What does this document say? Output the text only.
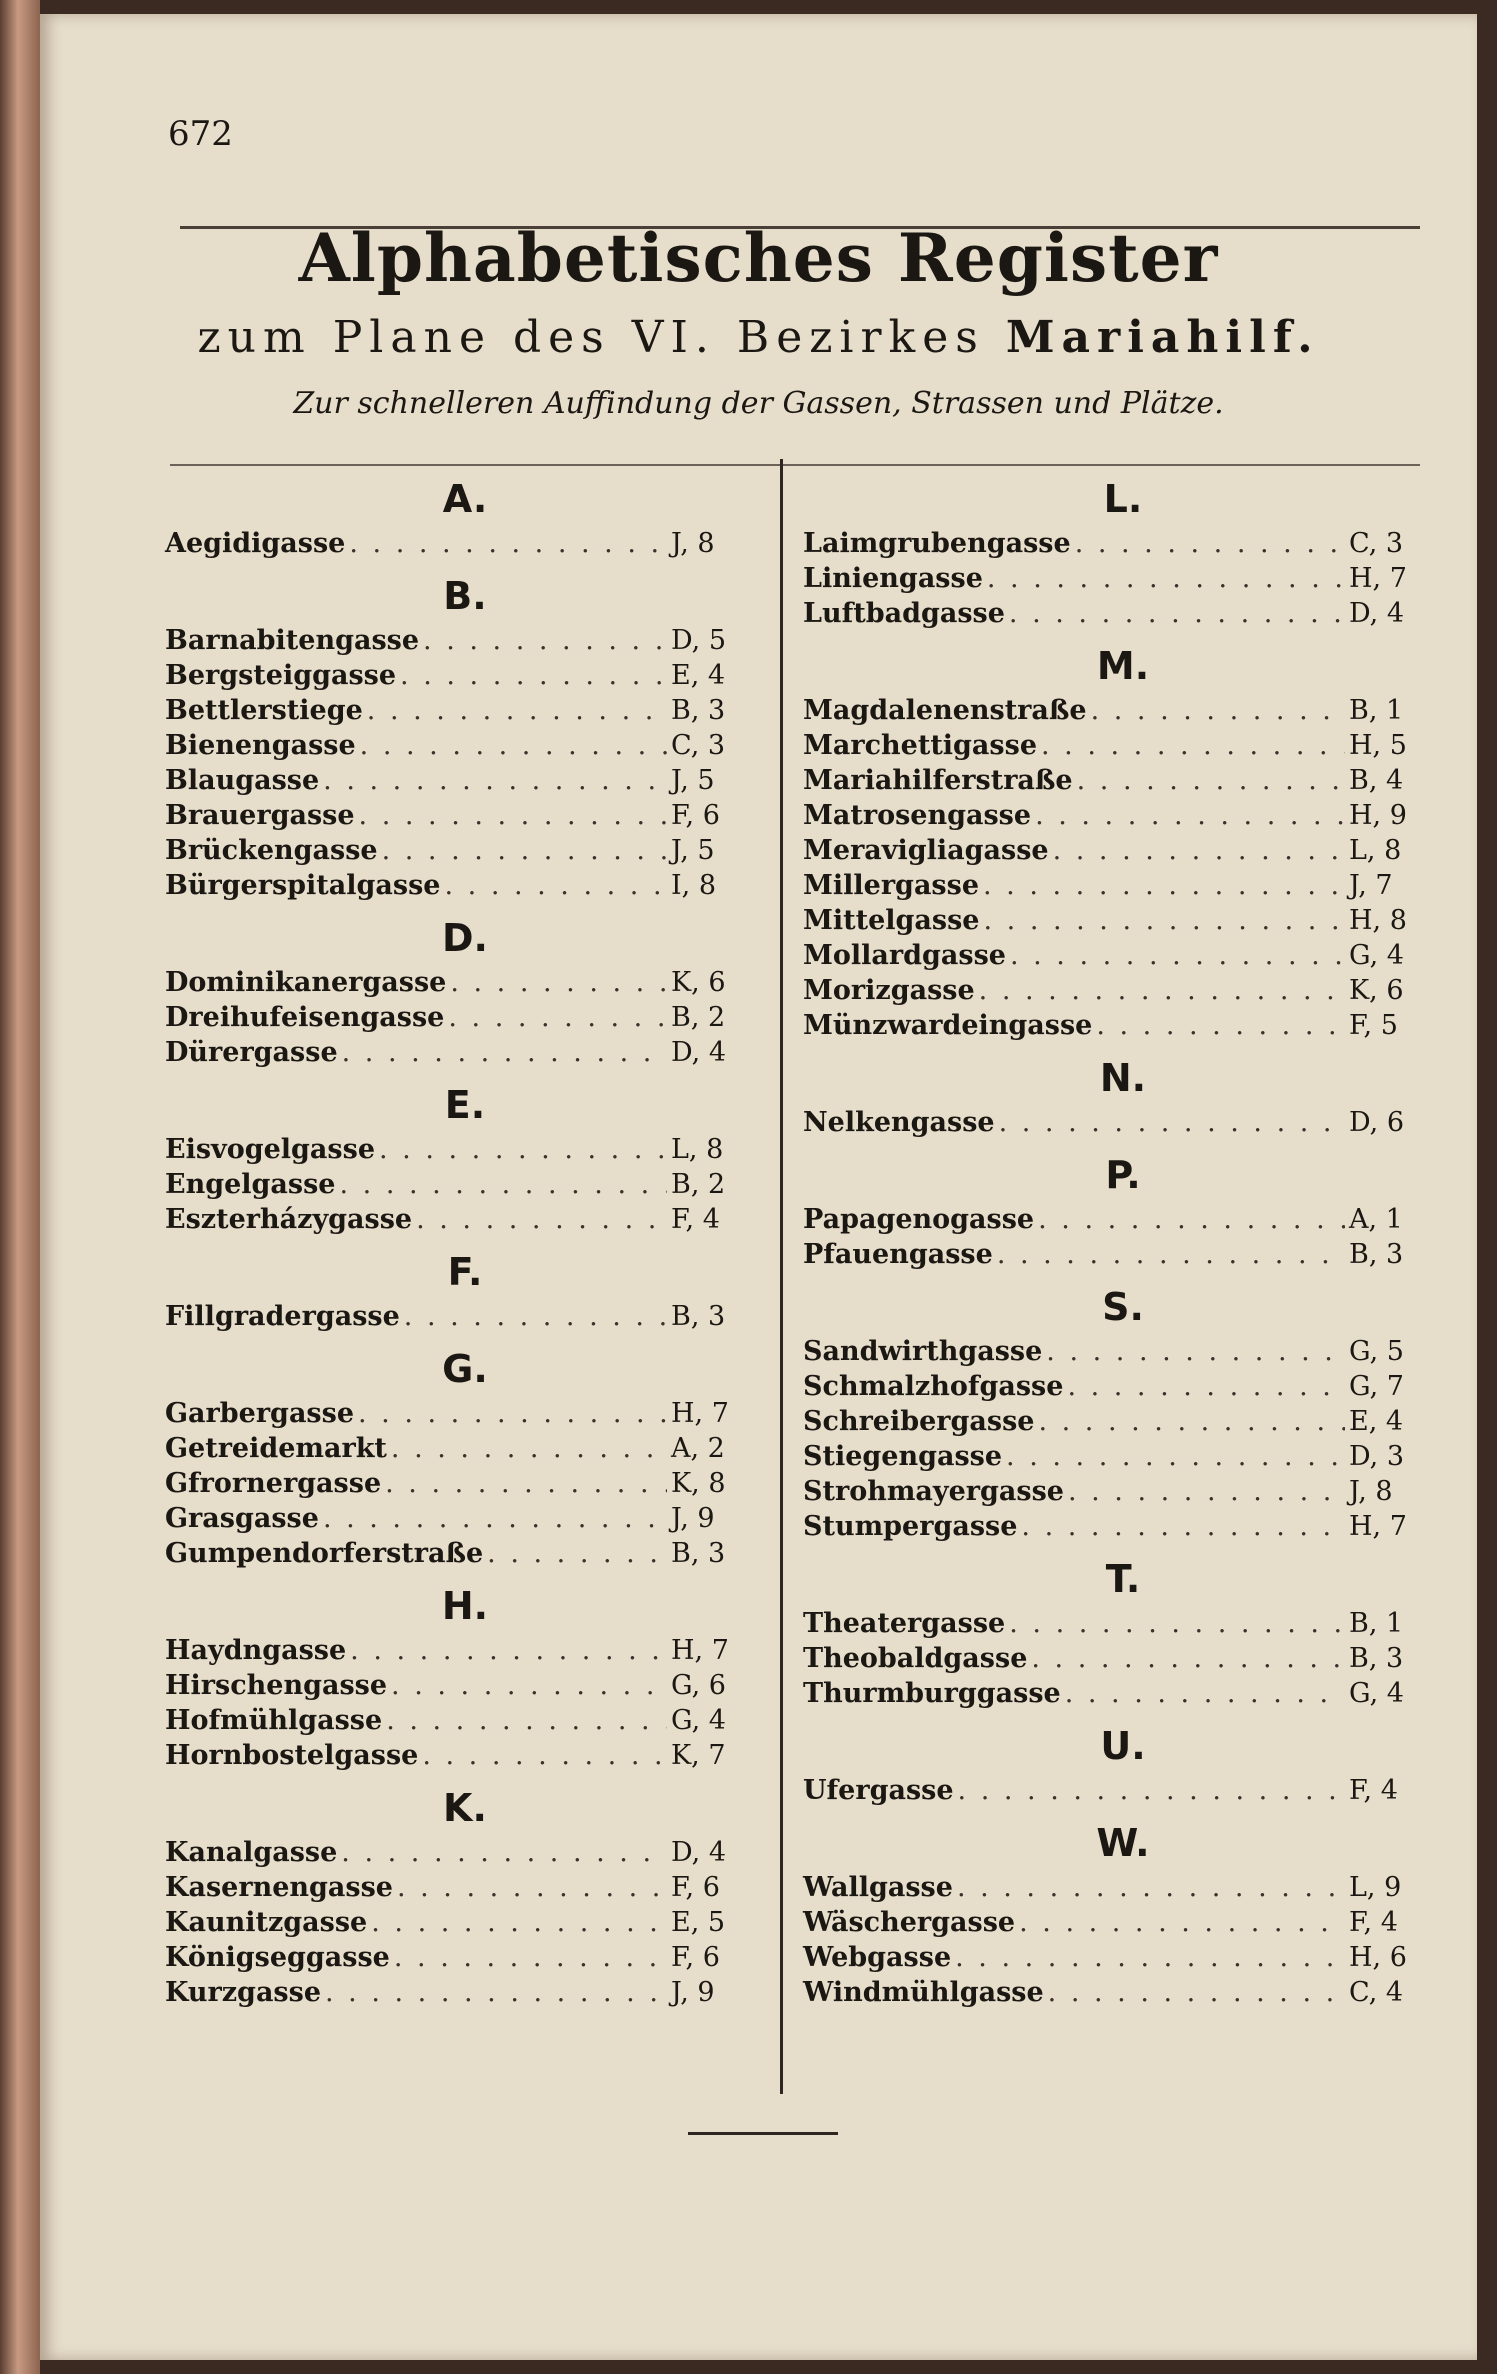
672
Alphabetisches Register
zum Plane des VI. Bezirkes Mariahilf.
Zur schnelleren Auffindung der Gassen, Strassen und Plätze.
A.
Aegidigasse . . .	J, 8
B.
Barnabitengasse . . .	D, 5
Bergsteiggasse . . .	E, 4
Bettlerstiege . . .	B, 3
Bienengasse . . .	C, 3
Blaugasse . . .	J, 5
Brauergasse . . .	F, 6
Brückengasse . . .	J, 5
Bürgerspitalgasse . . .	I, 8
D.
Dominikanergasse . . .	K, 6
Dreihufeisengasse . . .	B, 2
Dürergasse . . .	D, 4
E.
Eisvogelgasse . . .	L, 8
Engelgasse . . .	B, 2
Eszterházygasse . . .	F, 4
F.
Fillgradergasse . . .	B, 3
G.
Garbergasse . . .	H, 7
Getreidemarkt . . .	A, 2
Gfrornergasse . . .	K, 8
Grasgasse . . .	J, 9
Gumpendorferstraße . . .	B, 3
H.
Haydngasse . . .	H, 7
Hirschengasse . . .	G, 6
Hofmühlgasse . . .	G, 4
Hornbostelgasse . . .	K, 7
K.
Kanalgasse . . .	D, 4
Kasernengasse . . .	F, 6
Kaunitzgasse . . .	E, 5
Königseggasse . . .	F, 6
Kurzgasse . . .	J, 9
L.
Laimgrubengasse . . .	C, 3
Liniengasse . . .	H, 7
Luftbadgasse . . .	D, 4
M.
Magdalenenstraße . . .	B, 1
Marchettigasse . . .	H, 5
Mariahilferstraße . . .	B, 4
Matrosengasse . . .	H, 9
Meravigliagasse . . .	L, 8
Millergasse . . .	J, 7
Mittelgasse . . .	H, 8
Mollardgasse . . .	G, 4
Morizgasse . . .	K, 6
Münzwardeingasse . . .	F, 5
N.
Nelkengasse . . .	D, 6
P.
Papagenogasse . . .	A, 1
Pfauengasse . . .	B, 3
S.
Sandwirthgasse . . .	G, 5
Schmalzhofgasse . . .	G, 7
Schreibergasse . . .	E, 4
Stiegengasse . . .	D, 3
Strohmayergasse . . .	J, 8
Stumpergasse . . .	H, 7
T.
Theatergasse . . .	B, 1
Theobaldgasse . . .	B, 3
Thurmburggasse . . .	G, 4
U.
Ufergasse . . .	F, 4
W.
Wallgasse . . .	L, 9
Wäschergasse . . .	F, 4
Webgasse . . .	H, 6
Windmühlgasse . . .	C, 4
